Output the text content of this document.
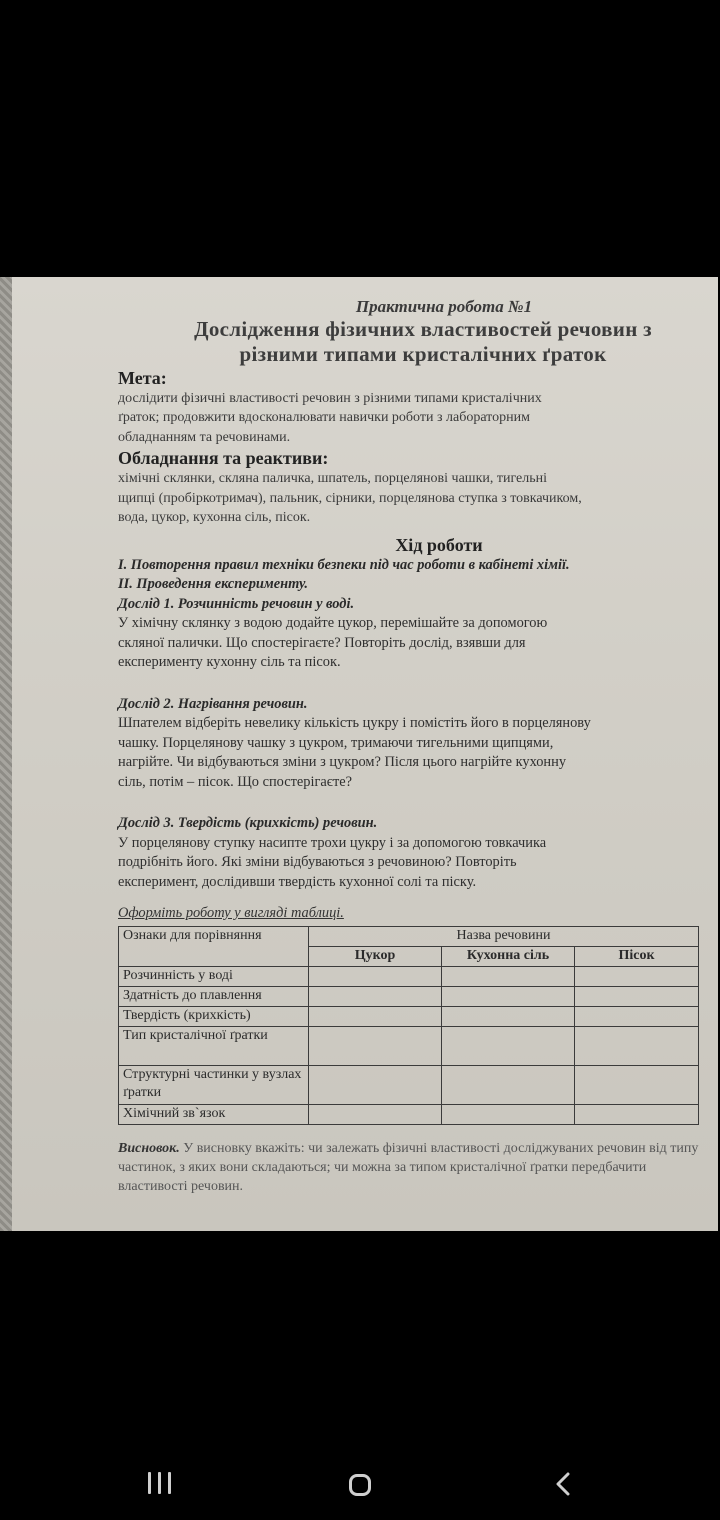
Практична робота №1

Дослідження фізичних властивостей речовин з

різними типами кристалічних ґраток

Мета:

дослідити фізичні властивості речовин з різними типами кристалічних

ґраток; продовжити вдосконалювати навички роботи з лабораторним

обладнанням та речовинами.

Обладнання та реактиви:

хімічні склянки, скляна паличка, шпатель, порцелянові чашки, тигельні

щипці (пробіркотримач), пальник, сірники, порцелянова ступка з товкачиком,

вода, цукор, кухонна сіль, пісок.

Хід роботи

I. Повторення правил техніки безпеки під час роботи в кабінеті хімії.

II. Проведення експерименту.

Дослід 1. Розчинність речовин у воді.

У хімічну склянку з водою додайте цукор, перемішайте за допомогою

скляної палички. Що спостерігаєте? Повторіть дослід, взявши для

експерименту кухонну сіль та пісок.

Дослід 2. Нагрівання речовин.

Шпателем відберіть невелику кількість цукру і помістіть його в порцелянову

чашку. Порцелянову чашку з цукром, тримаючи тигельними щипцями,

нагрійте. Чи відбуваються зміни з цукром? Після цього нагрійте кухонну

сіль, потім – пісок. Що спостерігаєте?

Дослід 3. Твердість (крихкість) речовин.

У порцелянову ступку насипте трохи цукру і за допомогою товкачика

подрібніть його. Які зміни відбуваються з речовиною? Повторіть

експеримент, дослідивши твердість кухонної солі та піску.

Оформіть роботу у вигляді таблиці.

Ознаки для порівняння	Назва речовини		
	Цукор	Кухонна сіль	Пісок
Розчинність у воді			
Здатність до плавлення			
Твердість (крихкість)			
Тип кристалічної ґратки			
Структурні частинки у вузлах ґратки			
Хімічний зв`язок			

Висновок. У висновку вкажіть: чи залежать фізичні властивості досліджуваних речовин від типу частинок, з яких вони складаються; чи можна за типом кристалічної ґратки передбачити властивості речовин.
